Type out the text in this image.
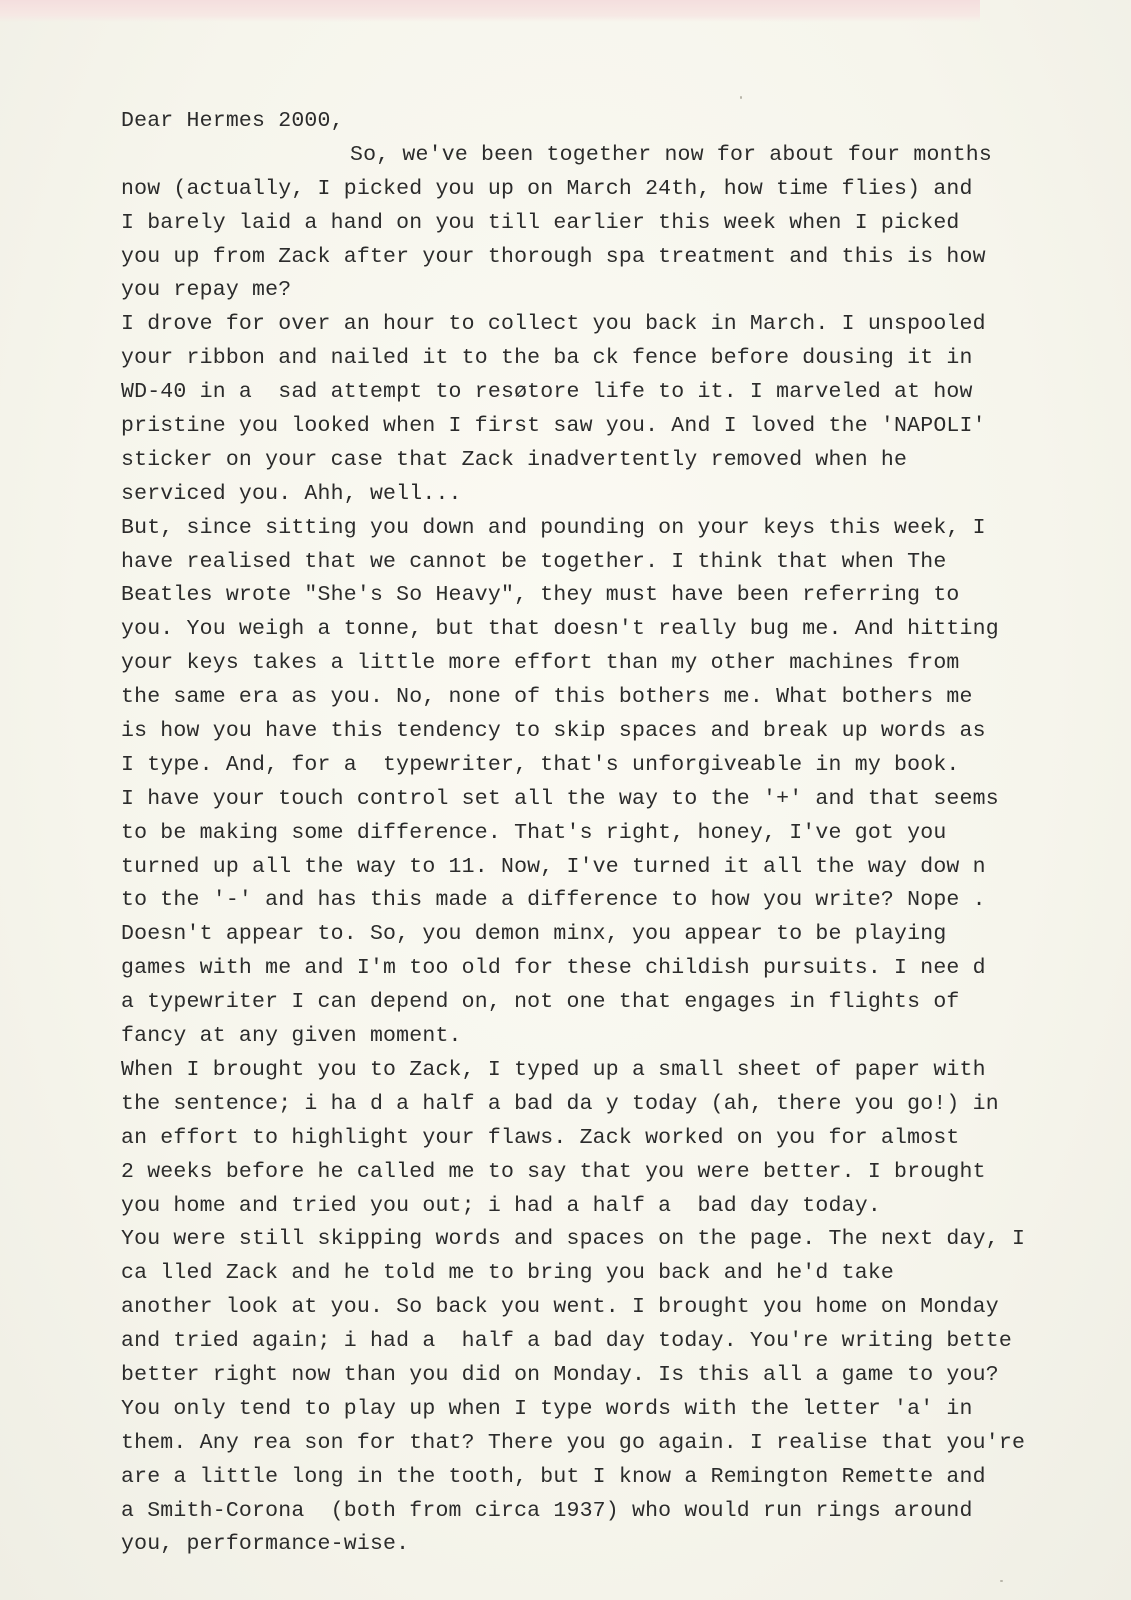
Dear Hermes 2000,
So, we've been together now for about four months
now (actually, I picked you up on March 24th, how time flies) and
I barely laid a hand on you till earlier this week when I picked
you up from Zack after your thorough spa treatment and this is how
you repay me?
I drove for over an hour to collect you back in March. I unspooled
your ribbon and nailed it to the ba ck fence before dousing it in
WD-40 in a  sad attempt to resøtore life to it. I marveled at how
pristine you looked when I first saw you. And I loved the 'NAPOLI'
sticker on your case that Zack inadvertently removed when he
serviced you. Ahh, well...
But, since sitting you down and pounding on your keys this week, I
have realised that we cannot be together. I think that when The
Beatles wrote "She's So Heavy", they must have been referring to
you. You weigh a tonne, but that doesn't really bug me. And hitting
your keys takes a little more effort than my other machines from
the same era as you. No, none of this bothers me. What bothers me
is how you have this tendency to skip spaces and break up words as
I type. And, for a  typewriter, that's unforgiveable in my book.
I have your touch control set all the way to the '+' and that seems
to be making some difference. That's right, honey, I've got you
turned up all the way to 11. Now, I've turned it all the way dow n
to the '-' and has this made a difference to how you write? Nope .
Doesn't appear to. So, you demon minx, you appear to be playing
games with me and I'm too old for these childish pursuits. I nee d
a typewriter I can depend on, not one that engages in flights of
fancy at any given moment.
When I brought you to Zack, I typed up a small sheet of paper with
the sentence; i ha d a half a bad da y today (ah, there you go!) in
an effort to highlight your flaws. Zack worked on you for almost
2 weeks before he called me to say that you were better. I brought
you home and tried you out; i had a half a  bad day today.
You were still skipping words and spaces on the page. The next day, I
ca lled Zack and he told me to bring you back and he'd take
another look at you. So back you went. I brought you home on Monday
and tried again; i had a  half a bad day today. You're writing bette
better right now than you did on Monday. Is this all a game to you?
You only tend to play up when I type words with the letter 'a' in
them. Any rea son for that? There you go again. I realise that you're
are a little long in the tooth, but I know a Remington Remette and
a Smith-Corona  (both from circa 1937) who would run rings around
you, performance-wise.
